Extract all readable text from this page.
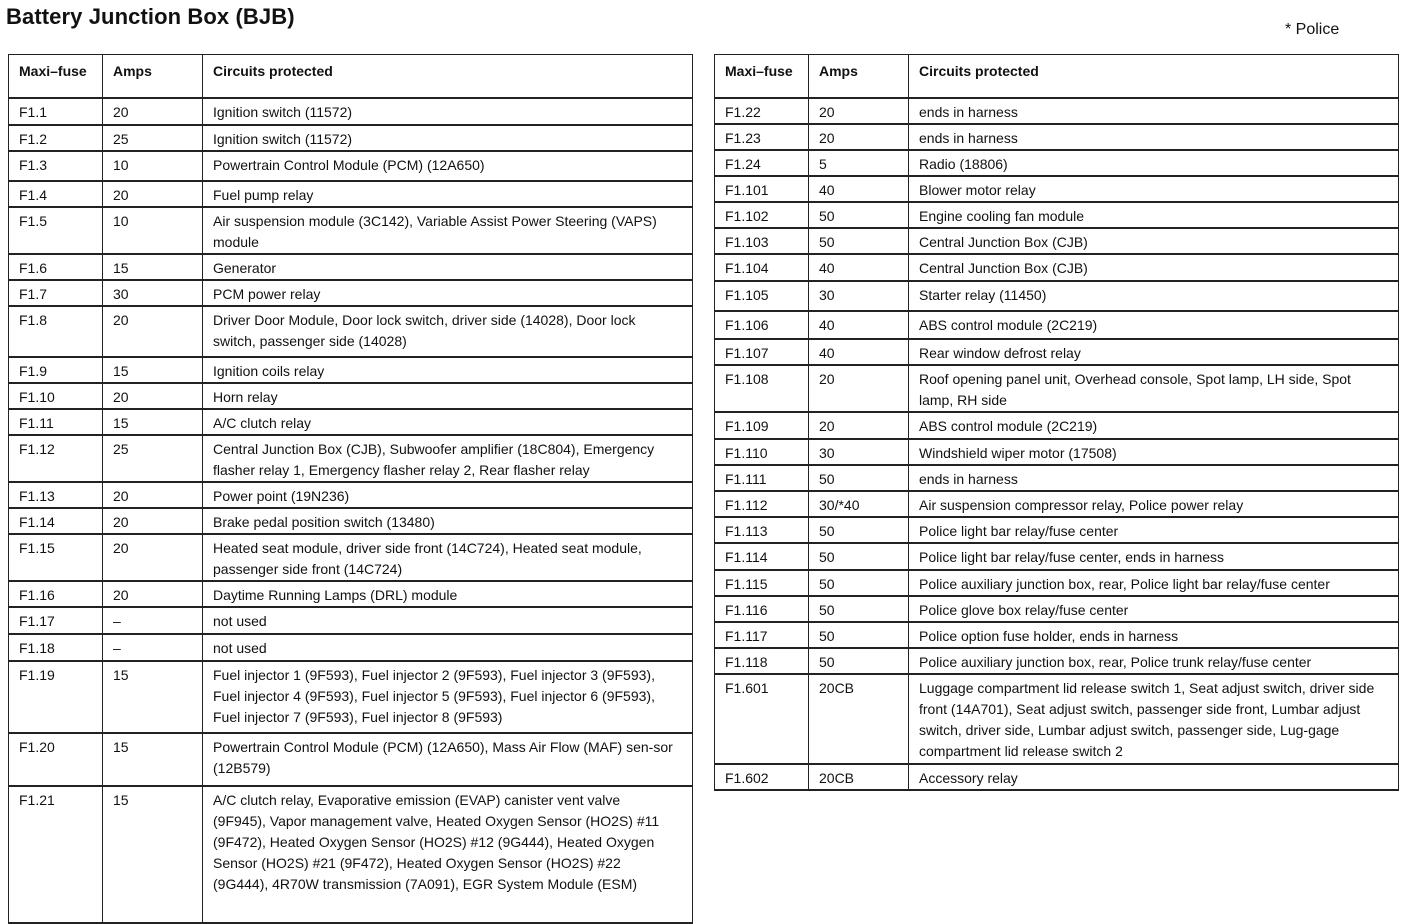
Battery Junction Box (BJB)
* Police
Maxi–fuse	Amps	Circuits protected
F1.1	20	Ignition switch (11572)
F1.2	25	Ignition switch (11572)
F1.3	10	Powertrain Control Module (PCM) (12A650)
F1.4	20	Fuel pump relay
F1.5	10	Air suspension module (3C142), Variable Assist Power Steering (VAPS) module
F1.6	15	Generator
F1.7	30	PCM power relay
F1.8	20	Driver Door Module, Door lock switch, driver side (14028), Door lock switch, passenger side (14028)
F1.9	15	Ignition coils relay
F1.10	20	Horn relay
F1.11	15	A/C clutch relay
F1.12	25	Central Junction Box (CJB), Subwoofer amplifier (18C804), Emergency flasher relay 1, Emergency flasher relay 2, Rear flasher relay
F1.13	20	Power point (19N236)
F1.14	20	Brake pedal position switch (13480)
F1.15	20	Heated seat module, driver side front (14C724), Heated seat module, passenger side front (14C724)
F1.16	20	Daytime Running Lamps (DRL) module
F1.17	–	not used
F1.18	–	not used
F1.19	15	Fuel injector 1 (9F593), Fuel injector 2 (9F593), Fuel injector 3 (9F593), Fuel injector 4 (9F593), Fuel injector 5 (9F593), Fuel injector 6 (9F593), Fuel injector 7 (9F593), Fuel injector 8 (9F593)
F1.20	15	Powertrain Control Module (PCM) (12A650), Mass Air Flow (MAF) sen-sor (12B579)
F1.21	15	A/C clutch relay, Evaporative emission (EVAP) canister vent valve (9F945), Vapor management valve, Heated Oxygen Sensor (HO2S) #11 (9F472), Heated Oxygen Sensor (HO2S) #12 (9G444), Heated Oxygen Sensor (HO2S) #21 (9F472), Heated Oxygen Sensor (HO2S) #22 (9G444), 4R70W transmission (7A091), EGR System Module (ESM)
Maxi–fuse	Amps	Circuits protected
F1.22	20	ends in harness
F1.23	20	ends in harness
F1.24	5	Radio (18806)
F1.101	40	Blower motor relay
F1.102	50	Engine cooling fan module
F1.103	50	Central Junction Box (CJB)
F1.104	40	Central Junction Box (CJB)
F1.105	30	Starter relay (11450)
F1.106	40	ABS control module (2C219)
F1.107	40	Rear window defrost relay
F1.108	20	Roof opening panel unit, Overhead console, Spot lamp, LH side, Spot lamp, RH side
F1.109	20	ABS control module (2C219)
F1.110	30	Windshield wiper motor (17508)
F1.111	50	ends in harness
F1.112	30/*40	Air suspension compressor relay, Police power relay
F1.113	50	Police light bar relay/fuse center
F1.114	50	Police light bar relay/fuse center, ends in harness
F1.115	50	Police auxiliary junction box, rear, Police light bar relay/fuse center
F1.116	50	Police glove box relay/fuse center
F1.117	50	Police option fuse holder, ends in harness
F1.118	50	Police auxiliary junction box, rear, Police trunk relay/fuse center
F1.601	20CB	Luggage compartment lid release switch 1, Seat adjust switch, driver side front (14A701), Seat adjust switch, passenger side front, Lumbar adjust switch, driver side, Lumbar adjust switch, passenger side, Lug-gage compartment lid release switch 2
F1.602	20CB	Accessory relay
